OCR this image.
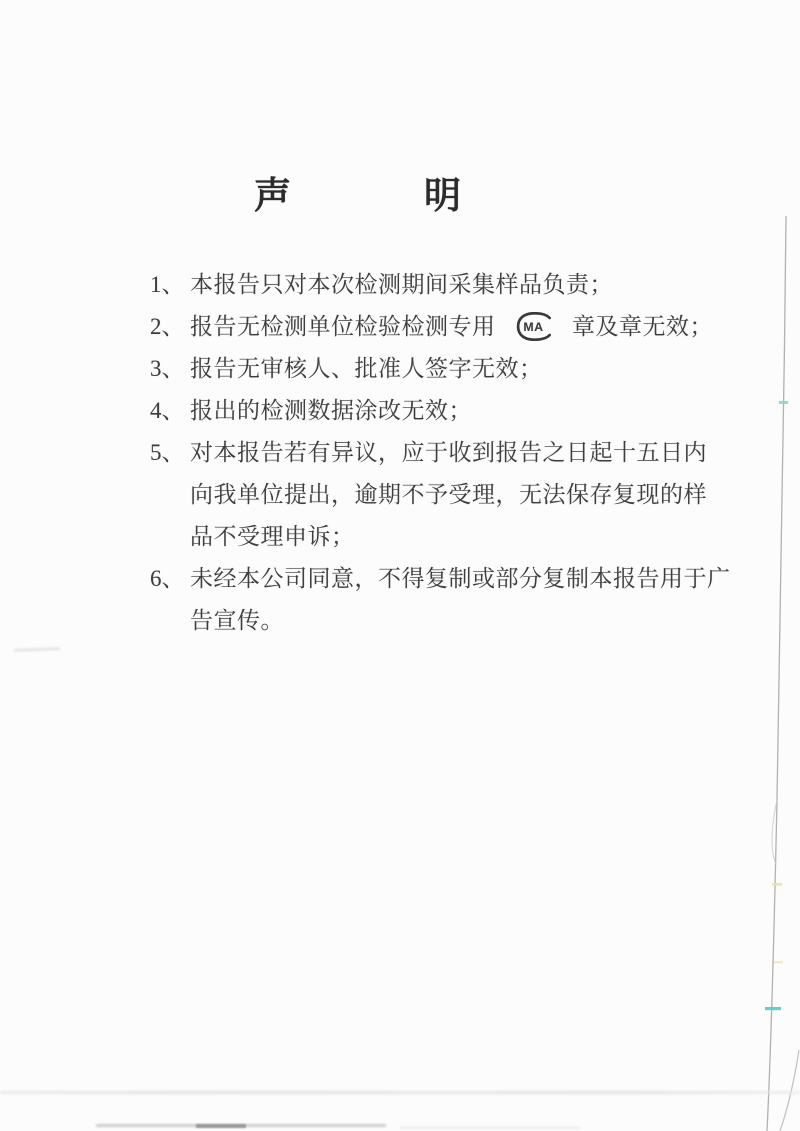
声	明
1、 本报告只对本次检测期间采集样品负责；
2、 报告无检测单位检验检测专用 MA 章及章无效；
3、 报告无审核人、批准人签字无效；
4、 报出的检测数据涂改无效；
5、 对本报告若有异议，应于收到报告之日起十五日内
向我单位提出，逾期不予受理，无法保存复现的样
品不受理申诉；
6、 未经本公司同意，不得复制或部分复制本报告用于广
告宣传。
